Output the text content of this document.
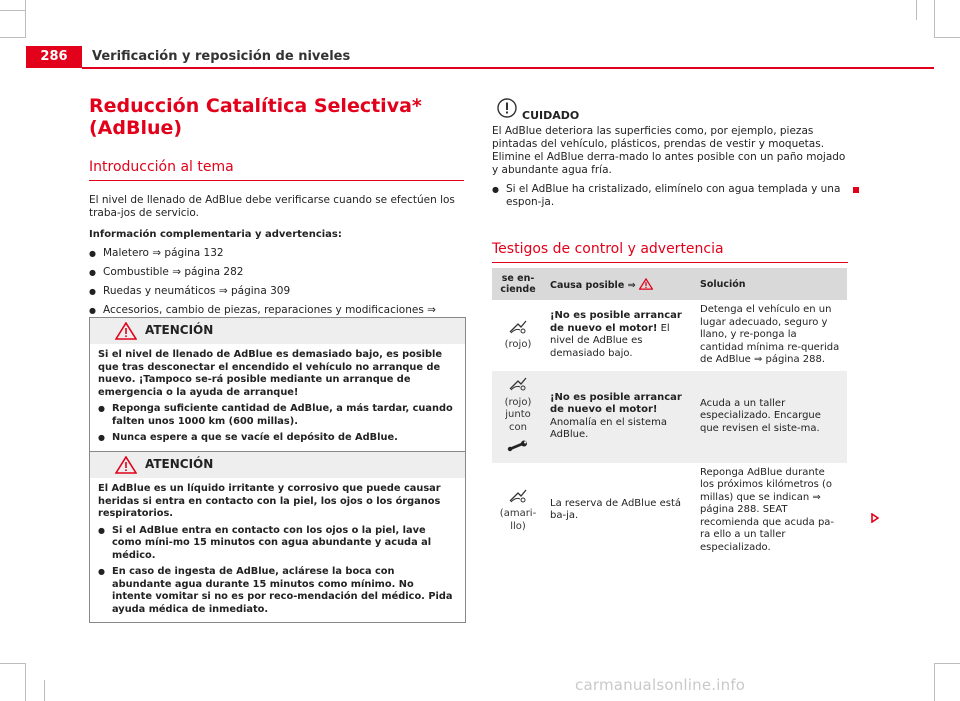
286	Verificación y reposición de niveles
Reducción Catalítica Selectiva* (AdBlue)
Introducción al tema

El nivel de llenado de AdBlue debe verificarse cuando se efectúen los traba-jos de servicio.

Información complementaria y advertencias:

● Maletero ⇒ página 132
● Combustible ⇒ página 282
● Ruedas y neumáticos ⇒ página 309
● Accesorios, cambio de piezas, reparaciones y modificaciones ⇒
ATENCIÓN

Si el nivel de llenado de AdBlue es demasiado bajo, es posible que tras desconectar el encendido el vehículo no arranque de nuevo. ¡Tampoco se-rá posible mediante un arranque de emergencia o la ayuda de arranque!

● Reponga suficiente cantidad de AdBlue, a más tardar, cuando falten unos 1000 km (600 millas).
● Nunca espere a que se vacíe el depósito de AdBlue.
ATENCIÓN

El AdBlue es un líquido irritante y corrosivo que puede causar heridas si entra en contacto con la piel, los ojos o los órganos respiratorios.

● Si el AdBlue entra en contacto con los ojos o la piel, lave como míni-mo 15 minutos con agua abundante y acuda al médico.
● En caso de ingesta de AdBlue, aclárese la boca con abundante agua durante 15 minutos como mínimo. No intente vomitar si no es por reco-mendación del médico. Pida ayuda médica de inmediato.
CUIDADO

El AdBlue deteriora las superficies como, por ejemplo, piezas pintadas del vehículo, plásticos, prendas de vestir y moquetas. Elimine el AdBlue derra-mado lo antes posible con un paño mojado y abundante agua fría.

● Si el AdBlue ha cristalizado, elimínelo con agua templada y una espon-ja.
Testigos de control y advertencia
se en-ciende	Causa posible ⇒	Solución

(rojo)	¡No es posible arrancar de nuevo el motor! El nivel de AdBlue es demasiado bajo.	Detenga el vehículo en un lugar adecuado, seguro y llano, y re-ponga la cantidad mínima re-querida de AdBlue ⇒ página 288.

(rojo) junto con	¡No es posible arrancar de nuevo el motor! Anomalía en el sistema AdBlue.	Acuda a un taller especializado. Encargue que revisen el siste-ma.

(amari-llo)	La reserva de AdBlue está ba-ja.	Reponga AdBlue durante los próximos kilómetros (o millas) que se indican ⇒ página 288. SEAT recomienda que acuda pa-ra ello a un taller especializado.
carmanualsonline.info
